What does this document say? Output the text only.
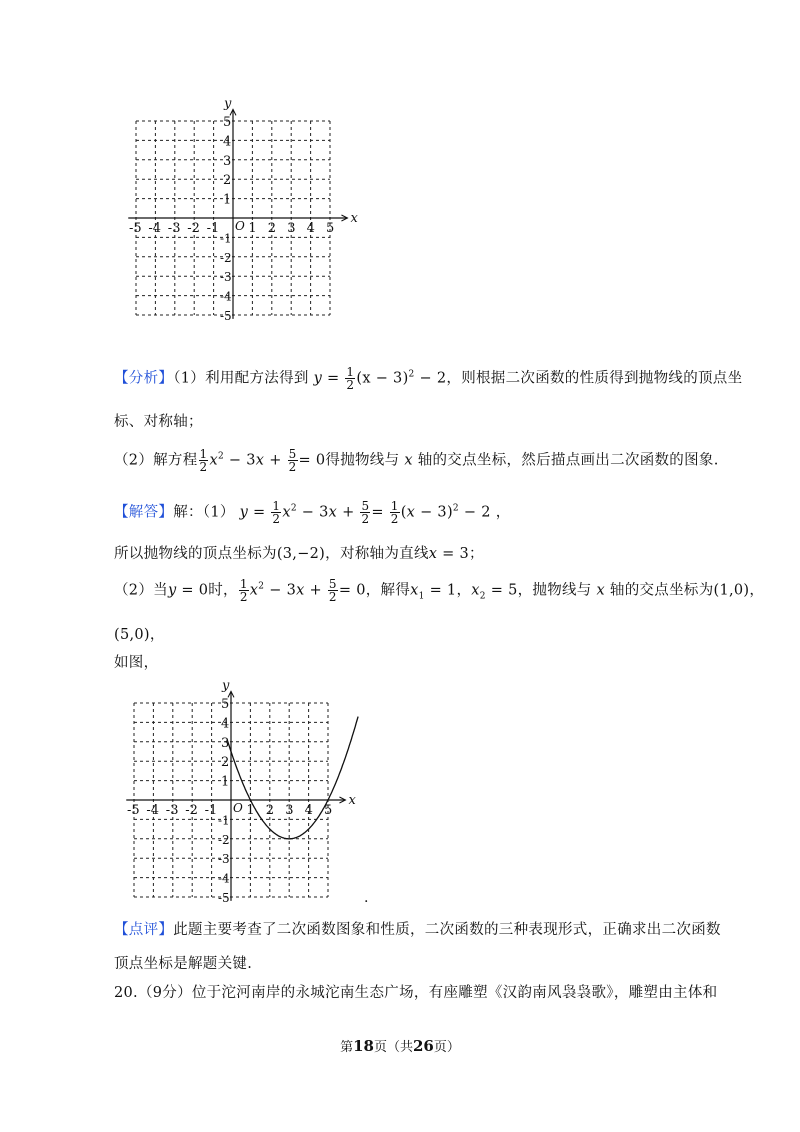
x
y
O
-5 -4 -3 -2 -1 1 2 3 4 5
5
4
3
2
1
-1
-2
-3
-4
-5
【分析】（1）利用配方法得到 $y = \frac{1}{2} (x - 3)^2 - 2$，则根据二次函数的性质得到抛物线的顶点坐
标、对称轴；
（2）解方程 $\frac{1}{2} x^2 - 3x + \frac{5}{2} = 0$得抛物线与 x 轴的交点坐标，然后描点画出二次函数的图象.
【解答】解：（1） $y = \frac{1}{2} x^2 - 3x + \frac{5}{2} = \frac{1}{2} (x - 3)^2 - 2$ ，
所以抛物线的顶点坐标为(3,−2)，对称轴为直线x = 3；
（2）当y = 0时， $\frac{1}{2} x^2 - 3x + \frac{5}{2} = 0$，解得$x_1 = 1$，$x_2 = 5$，抛物线与 x 轴的交点坐标为(1,0)，
(5,0)，
如图，
x
y
O
-5 -4 -3 -2 -1 1 2 3 4 5
5
4
3
2
1
-1
-2
-3
-4
-5	.
【点评】此题主要考查了二次函数图象和性质，二次函数的三种表现形式，正确求出二次函数
顶点坐标是解题关键.
20.（9分）位于沱河南岸的永城沱南生态广场，有座雕塑《汉韵南风袅袅歌》，雕塑由主体和
第18页（共26页）
